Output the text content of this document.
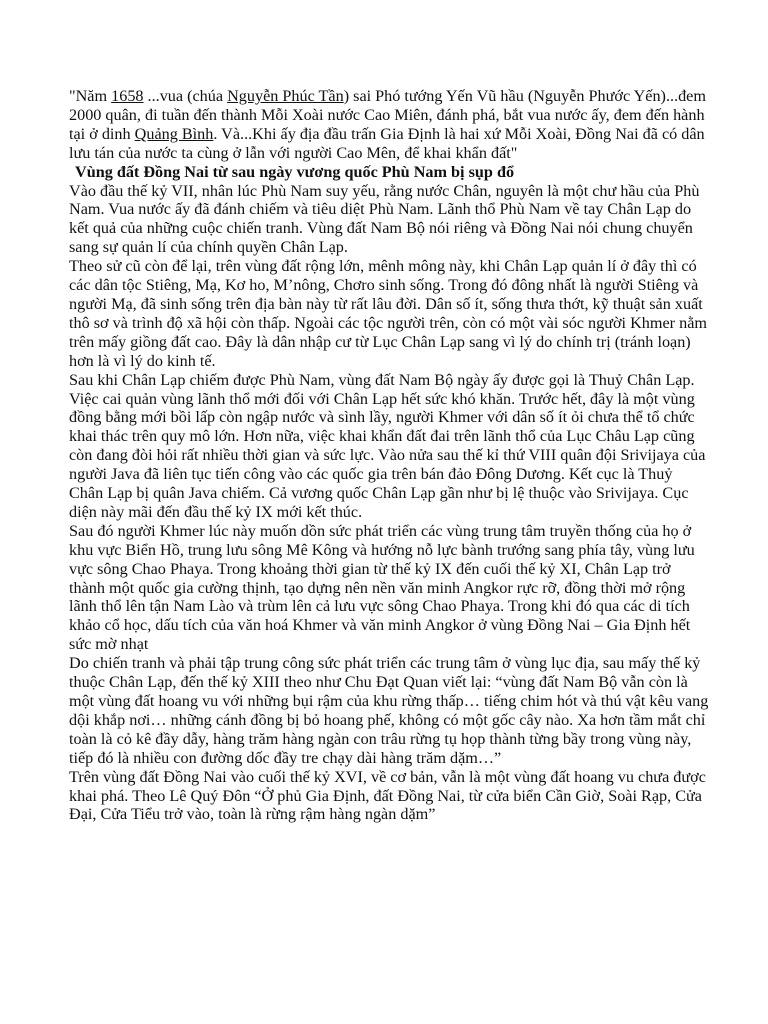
"Năm 1658 ...vua (chúa Nguyễn Phúc Tần) sai Phó tướng Yến Vũ hầu (Nguyễn Phước Yến)...đem 2000 quân, đi tuần đến thành Mỗi Xoài nước Cao Miên, đánh phá, bắt vua nước ấy, đem đến hành tại ở dinh Quảng Bình. Và...Khi ấy địa đầu trấn Gia Định là hai xứ Mỗi Xoài, Đồng Nai đã có dân lưu tán của nước ta cùng ở lẫn với người Cao Mên, để khai khẩn đất"

Vùng đất Đồng Nai từ sau ngày vương quốc Phù Nam bị sụp đổ

Vào đầu thế kỷ VII, nhân lúc Phù Nam suy yếu, rằng nước Chân, nguyên là một chư hầu của Phù Nam. Vua nước ấy đã đánh chiếm và tiêu diệt Phù Nam. Lãnh thổ Phù Nam về tay Chân Lạp do kết quả của những cuộc chiến tranh. Vùng đất Nam Bộ nói riêng và Đồng Nai nói chung chuyển sang sự quản lí của chính quyền Chân Lạp.

Theo sử cũ còn để lại, trên vùng đất rộng lớn, mênh mông này, khi Chân Lạp quản lí ở đây thì có các dân tộc Stiêng, Mạ, Kơ ho, M’nông, Chơro sinh sống. Trong đó đông nhất là người Stiêng và người Mạ, đã sinh sống trên địa bàn này từ rất lâu đời. Dân số ít, sống thưa thớt, kỹ thuật sản xuất thô sơ và trình độ xã hội còn thấp. Ngoài các tộc người trên, còn có một vài sóc người Khmer nằm trên mấy giồng đất cao. Đây là dân nhập cư từ Lục Chân Lạp sang vì lý do chính trị (tránh loạn) hơn là vì lý do kinh tế.

Sau khi Chân Lạp chiếm được Phù Nam, vùng đất Nam Bộ ngày ấy được gọi là Thuỷ Chân Lạp. Việc cai quản vùng lãnh thổ mới đối với Chân Lạp hết sức khó khăn. Trước hết, đây là một vùng đồng bằng mới bồi lấp còn ngập nước và sình lầy, người Khmer với dân số ít ỏi chưa thể tổ chức khai thác trên quy mô lớn. Hơn nữa, việc khai khẩn đất đai trên lãnh thổ của Lục Châu Lạp cũng còn đang đòi hỏi rất nhiều thời gian và sức lực. Vào nửa sau thế kỉ thứ VIII quân đội Srivijaya của người Java đã liên tục tiến công vào các quốc gia trên bán đảo Đông Dương. Kết cục là Thuỷ Chân Lạp bị quân Java chiếm. Cả vương quốc Chân Lạp gần như bị lệ thuộc vào Srivijaya. Cục diện này mãi đến đầu thế kỷ IX mới kết thúc.

Sau đó người Khmer lúc này muốn dồn sức phát triển các vùng trung tâm truyền thống của họ ở khu vực Biển Hồ, trung lưu sông Mê Kông và hướng nỗ lực bành trướng sang phía tây, vùng lưu vực sông Chao Phaya. Trong khoảng thời gian từ thế kỷ IX đến cuối thế kỷ XI, Chân Lạp trở thành một quốc gia cường thịnh, tạo dựng nên nền văn minh Angkor rực rỡ, đồng thời mở rộng lãnh thổ lên tận Nam Lào và trùm lên cả lưu vực sông Chao Phaya. Trong khi đó qua các di tích khảo cổ học, dấu tích của văn hoá Khmer và văn minh Angkor ở vùng Đồng Nai – Gia Định hết sức mờ nhạt

Do chiến tranh và phải tập trung công sức phát triển các trung tâm ở vùng lục địa, sau mấy thế kỷ thuộc Chân Lạp, đến thế kỷ XIII theo như Chu Đạt Quan viết lại: “vùng đất Nam Bộ vẫn còn là một vùng đất hoang vu với những bụi rậm của khu rừng thấp… tiếng chim hót và thú vật kêu vang dội khắp nơi… những cánh đồng bị bỏ hoang phế, không có một gốc cây nào. Xa hơn tầm mắt chỉ toàn là cỏ kê đầy dẫy, hàng trăm hàng ngàn con trâu rừng tụ họp thành từng bầy trong vùng này, tiếp đó là nhiều con đường dốc đầy tre chạy dài hàng trăm dặm…”

Trên vùng đất Đồng Nai vào cuối thế kỷ XVI, về cơ bản, vẫn là một vùng đất hoang vu chưa được khai phá. Theo Lê Quý Đôn “Ở phủ Gia Định, đất Đồng Nai, từ cửa biển Cần Giờ, Soài Rạp, Cửa Đại, Cửa Tiểu trở vào, toàn là rừng rậm hàng ngàn dặm”
